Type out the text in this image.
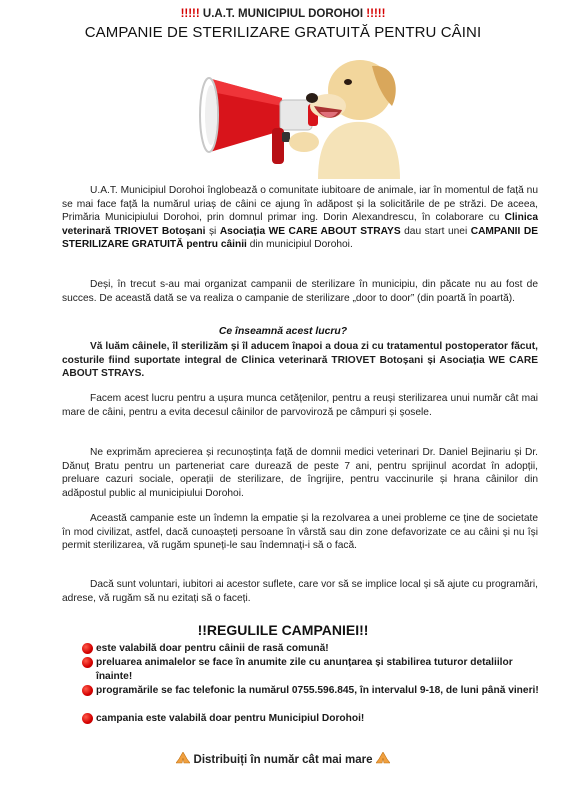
!!!!! U.A.T. MUNICIPIUL DOROHOI !!!!!
CAMPANIE DE STERILIZARE GRATUITĂ PENTRU CÂINI
U.A.T. Municipiul Dorohoi înglobează o comunitate iubitoare de animale, iar în momentul de față nu se mai face față la numărul uriaș de câini ce ajung în adăpost și la solicitările de pe străzi. De aceea, Primăria Municipiului Dorohoi, prin domnul primar ing. Dorin Alexandrescu, în colaborare cu Clinica veterinară TRIOVET Botoșani și Asociația WE CARE ABOUT STRAYS dau start unei CAMPANII DE STERILIZARE GRATUITĂ pentru câinii din municipiul Dorohoi.
Deși, în trecut s-au mai organizat campanii de sterilizare în municipiu, din păcate nu au fost de succes. De această dată se va realiza o campanie de sterilizare „door to door” (din poartă în poartă).
Ce înseamnă acest lucru?
Vă luăm câinele, îl sterilizăm și îl aducem înapoi a doua zi cu tratamentul postoperator făcut, costurile fiind suportate integral de Clinica veterinară TRIOVET Botoșani și Asociația WE CARE ABOUT STRAYS.
Facem acest lucru pentru a ușura munca cetățenilor, pentru a reuși sterilizarea unui număr cât mai mare de câini, pentru a evita decesul câinilor de parvoviroză pe câmpuri și șosele.
Ne exprimăm aprecierea și recunoștința față de domnii medici veterinari Dr. Daniel Bejinariu și Dr. Dănuț Bratu pentru un parteneriat care durează de peste 7 ani, pentru sprijinul acordat în adopții, preluare cazuri sociale, operații de sterilizare, de îngrijire, pentru vaccinurile și hrana câinilor din adăpostul public al municipiului Dorohoi.
Această campanie este un îndemn la empatie și la rezolvarea a unei probleme ce ține de societate în mod civilizat, astfel, dacă cunoașteți persoane în vârstă sau din zone defavorizate ce au câini și nu își permit sterilizarea, vă rugăm spuneți-le sau îndemnați-i să o facă.
Dacă sunt voluntari, iubitori ai acestor suflete, care vor să se implice local și să ajute cu programări, adrese, vă rugăm să nu ezitați să o faceți.
!!REGULILE CAMPANIEI!!
este valabilă doar pentru câinii de rasă comună!
preluarea animalelor se face în anumite zile cu anunțarea și stabilirea tuturor detaliilor înainte!
programările se fac telefonic la numărul 0755.596.845, în intervalul 9-18, de luni până vineri!
campania este valabilă doar pentru Municipiul Dorohoi!
Distribuiți în număr cât mai mare
